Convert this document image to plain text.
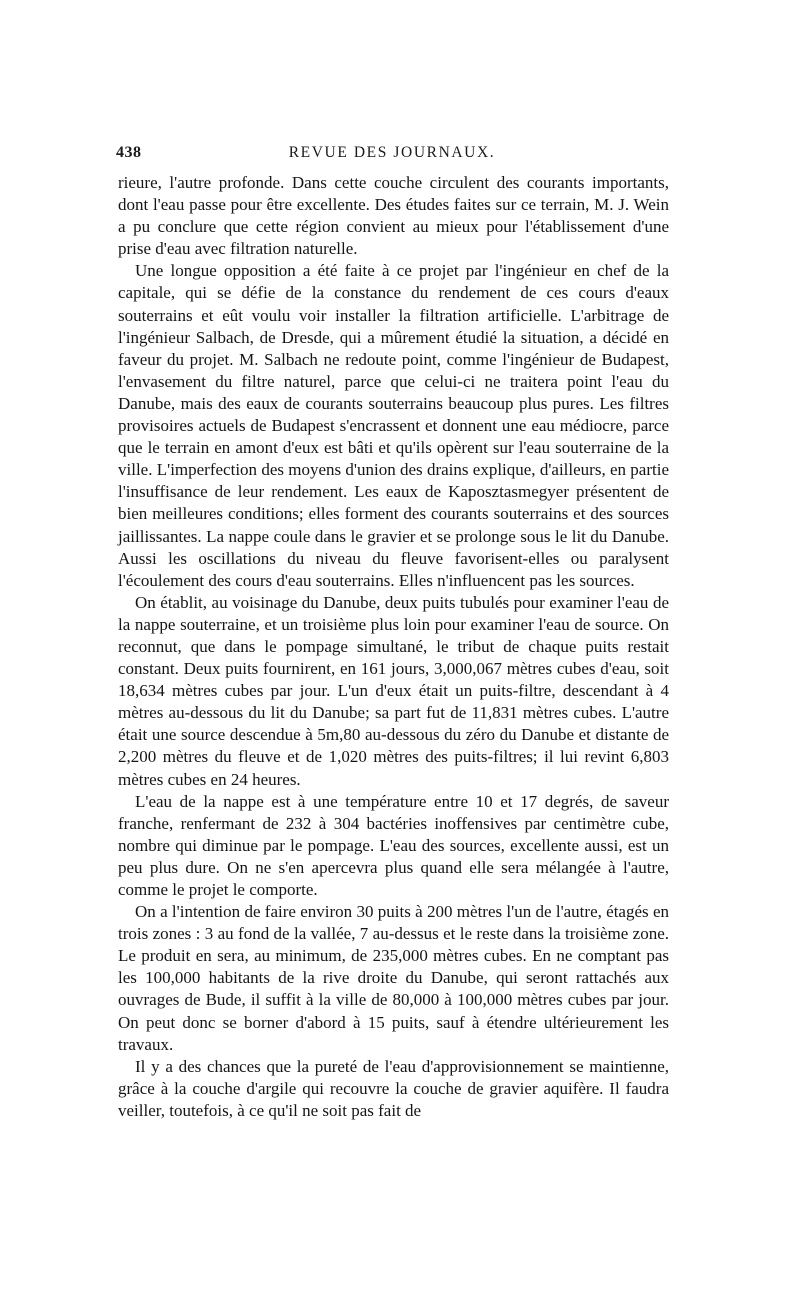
438	REVUE DES JOURNAUX.

rieure, l'autre profonde. Dans cette couche circulent des courants importants, dont l'eau passe pour être excellente. Des études faites sur ce terrain, M. J. Wein a pu conclure que cette région convient au mieux pour l'établissement d'une prise d'eau avec filtration naturelle.

Une longue opposition a été faite à ce projet par l'ingénieur en chef de la capitale, qui se défie de la constance du rendement de ces cours d'eaux souterrains et eût voulu voir installer la filtration artificielle. L'arbitrage de l'ingénieur Salbach, de Dresde, qui a mûrement étudié la situation, a décidé en faveur du projet. M. Salbach ne redoute point, comme l'ingénieur de Budapest, l'envasement du filtre naturel, parce que celui-ci ne traitera point l'eau du Danube, mais des eaux de courants souterrains beaucoup plus pures. Les filtres provisoires actuels de Budapest s'encrassent et donnent une eau médiocre, parce que le terrain en amont d'eux est bâti et qu'ils opèrent sur l'eau souterraine de la ville. L'imperfection des moyens d'union des drains explique, d'ailleurs, en partie l'insuffisance de leur rendement. Les eaux de Kaposztasmegyer présentent de bien meilleures conditions; elles forment des courants souterrains et des sources jaillissantes. La nappe coule dans le gravier et se prolonge sous le lit du Danube. Aussi les oscillations du niveau du fleuve favorisent-elles ou paralysent l'écoulement des cours d'eau souterrains. Elles n'influencent pas les sources.

On établit, au voisinage du Danube, deux puits tubulés pour examiner l'eau de la nappe souterraine, et un troisième plus loin pour examiner l'eau de source. On reconnut, que dans le pompage simultané, le tribut de chaque puits restait constant. Deux puits fournirent, en 161 jours, 3,000,067 mètres cubes d'eau, soit 18,634 mètres cubes par jour. L'un d'eux était un puits-filtre, descendant à 4 mètres au-dessous du lit du Danube; sa part fut de 11,831 mètres cubes. L'autre était une source descendue à 5m,80 au-dessous du zéro du Danube et distante de 2,200 mètres du fleuve et de 1,020 mètres des puits-filtres; il lui revint 6,803 mètres cubes en 24 heures.

L'eau de la nappe est à une température entre 10 et 17 degrés, de saveur franche, renfermant de 232 à 304 bactéries inoffensives par centimètre cube, nombre qui diminue par le pompage. L'eau des sources, excellente aussi, est un peu plus dure. On ne s'en apercevra plus quand elle sera mélangée à l'autre, comme le projet le comporte.

On a l'intention de faire environ 30 puits à 200 mètres l'un de l'autre, étagés en trois zones : 3 au fond de la vallée, 7 au-dessus et le reste dans la troisième zone. Le produit en sera, au minimum, de 235,000 mètres cubes. En ne comptant pas les 100,000 habitants de la rive droite du Danube, qui seront rattachés aux ouvrages de Bude, il suffit à la ville de 80,000 à 100,000 mètres cubes par jour. On peut donc se borner d'abord à 15 puits, sauf à étendre ultérieurement les travaux.

Il y a des chances que la pureté de l'eau d'approvisionnement se maintienne, grâce à la couche d'argile qui recouvre la couche de gravier aquifère. Il faudra veiller, toutefois, à ce qu'il ne soit pas fait de
